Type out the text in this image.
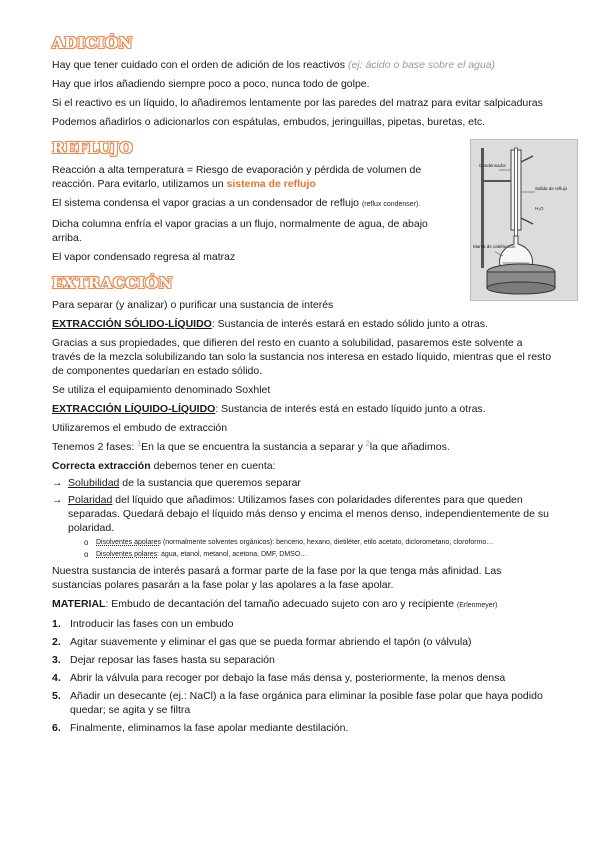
ADICIÓN

Hay que tener cuidado con el orden de adición de los reactivos (ej: ácido o base sobre el agua)

Hay que irlos añadiendo siempre poco a poco, nunca todo de golpe.

Si el reactivo es un líquido, lo añadiremos lentamente por las paredes del matraz para evitar salpicaduras

Podemos añadirlos o adicionarlos con espátulas, embudos, jeringuillas, pipetas, buretas, etc.

REFLUJO

Reacción a alta temperatura = Riesgo de evaporación y pérdida de volumen de reacción. Para evitarlo, utilizamos un sistema de reflujo

El sistema condensa el vapor gracias a un condensador de reflujo (reflux condenser).

Dicha columna enfría el vapor gracias a un flujo, normalmente de agua, de abajo arriba.

El vapor condensado regresa al matraz

Condensador
Salida de reflujo
H₂O
Manta de calefacción
EXTRACCIÓN

Para separar (y analizar) o purificar una sustancia de interés

EXTRACCIÓN SÓLIDO-LÍQUIDO: Sustancia de interés estará en estado sólido junto a otras.

Gracias a sus propiedades, que difieren del resto en cuanto a solubilidad, pasaremos este solvente a través de la mezcla solubilizando tan solo la sustancia nos interesa en estado líquido, mientras que el resto de componentes quedarían en estado sólido.

Se utiliza el equipamiento denominado Soxhlet

EXTRACCIÓN LÍQUIDO-LÍQUIDO: Sustancia de interés está en estado líquido junto a otras.

Utilizaremos el embudo de extracción

Tenemos 2 fases: $^1$En la que se encuentra la sustancia a separar y $^2$la que añadimos.

Correcta extracción debemos tener en cuenta:

→ Solubilidad de la sustancia que queremos separar
→ Polaridad del líquido que añadimos: Utilizamos fases con polaridades diferentes para que queden separadas. Quedará debajo el líquido más denso y encima el menos denso, independientemente de su polaridad.
o Disolventes apolares (normalmente solventes orgánicos): benceno, hexano, dietiléter, etilo acetato, diclorometano, cloroformo…
o Disolventes polares: agua, etanol, metanol, acetona, DMF, DMSO…

Nuestra sustancia de interés pasará a formar parte de la fase por la que tenga más afinidad. Las sustancias polares pasarán a la fase polar y las apolares a la fase apolar.

MATERIAL: Embudo de decantación del tamaño adecuado sujeto con aro y recipiente (Erlenmeyer)

1. Introducir las fases con un embudo
2. Agitar suavemente y eliminar el gas que se pueda formar abriendo el tapón (o válvula)
3. Dejar reposar las fases hasta su separación
4. Abrir la válvula para recoger por debajo la fase más densa y, posteriormente, la menos densa
5. Añadir un desecante (ej.: NaCl) a la fase orgánica para eliminar la posible fase polar que haya podido quedar; se agita y se filtra
6. Finalmente, eliminamos la fase apolar mediante destilación.
